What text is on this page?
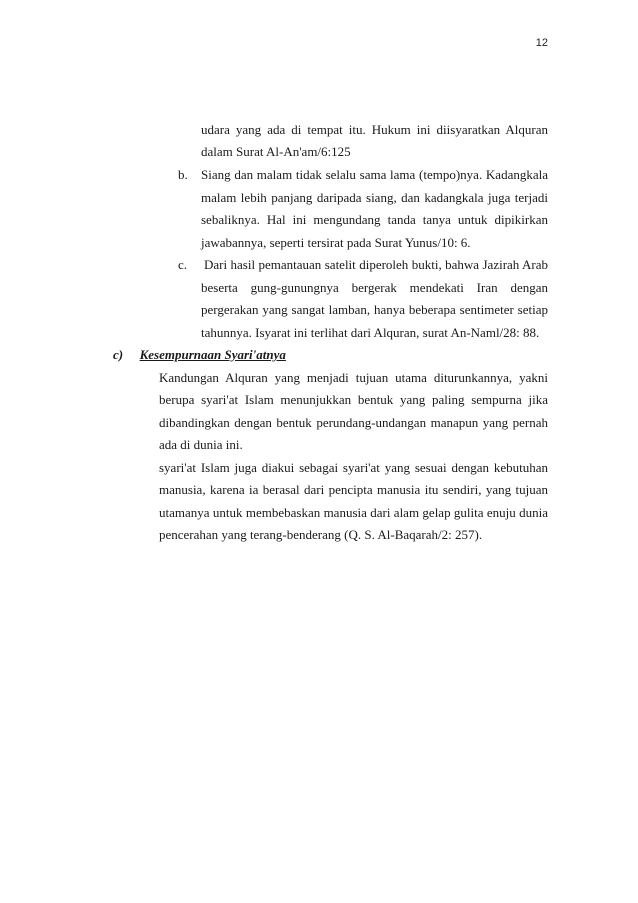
12
udara yang ada di tempat itu. Hukum ini diisyaratkan Alquran
dalam Surat Al-An'am/6:125
b. Siang dan malam tidak selalu sama lama (tempo)nya. Kadangkala
malam lebih panjang daripada siang, dan kadangkala juga terjadi
sebaliknya. Hal ini mengundang tanda tanya untuk dipikirkan
jawabannya, seperti tersirat pada Surat Yunus/10: 6.
c. Dari hasil pemantauan satelit diperoleh bukti, bahwa Jazirah Arab
beserta gung-gunungnya bergerak mendekati Iran dengan
pergerakan yang sangat lamban, hanya beberapa sentimeter setiap
tahunnya. Isyarat ini terlihat dari Alquran, surat An-Naml/28: 88.
c) Kesempurnaan Syari'atnya
Kandungan Alquran yang menjadi tujuan utama diturunkannya, yakni
berupa syari'at Islam menunjukkan bentuk yang paling sempurna jika
dibandingkan dengan bentuk perundang-undangan manapun yang pernah
ada di dunia ini.
syari'at Islam juga diakui sebagai syari'at yang sesuai dengan kebutuhan
manusia, karena ia berasal dari pencipta manusia itu sendiri, yang tujuan
utamanya untuk membebaskan manusia dari alam gelap gulita enuju dunia
pencerahan yang terang-benderang (Q. S. Al-Baqarah/2: 257).
